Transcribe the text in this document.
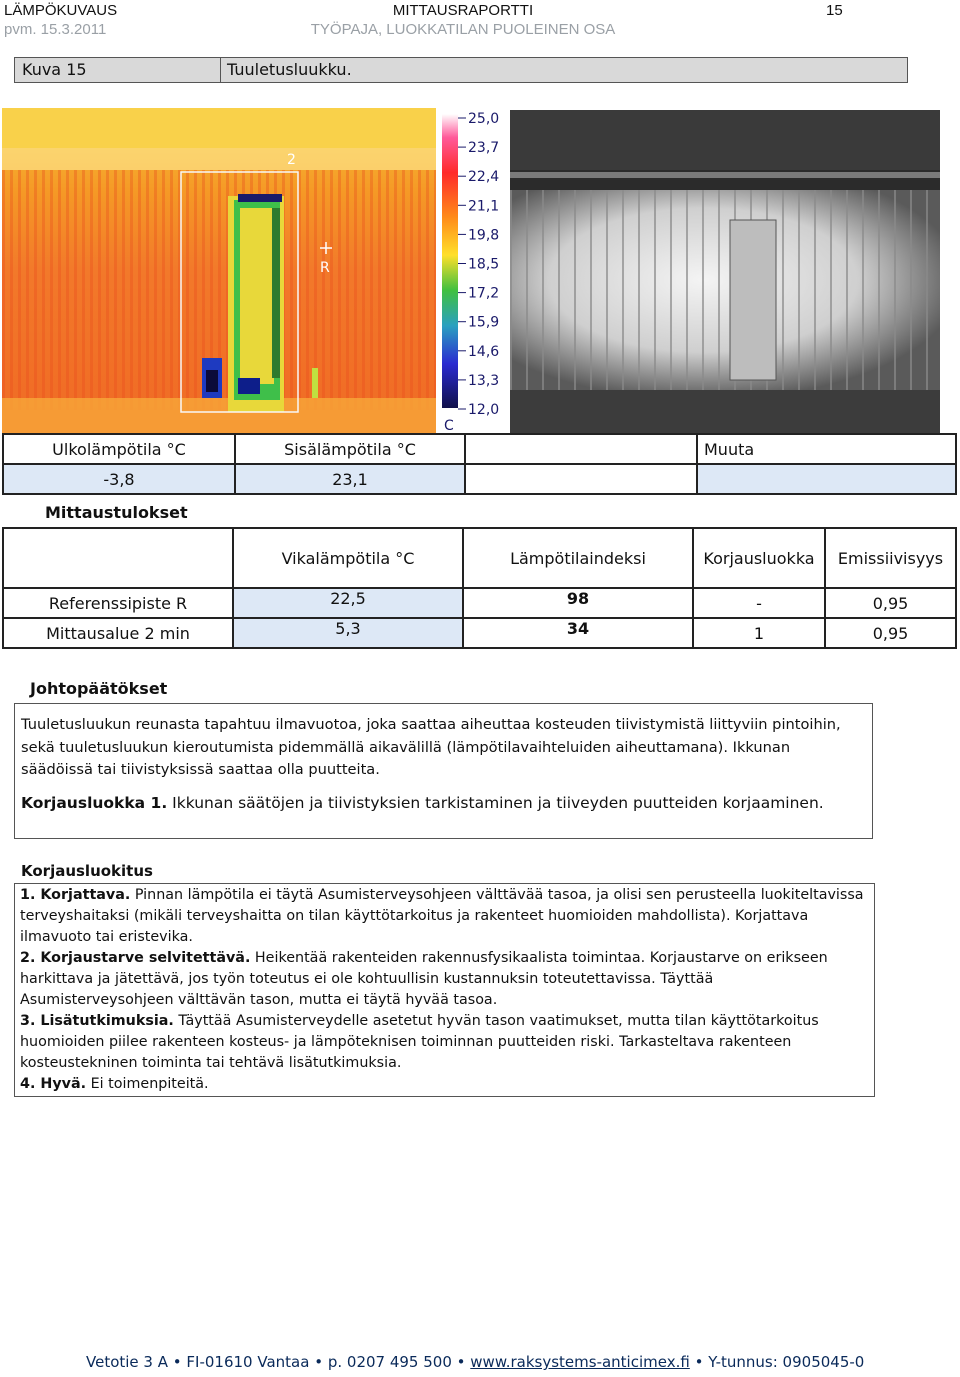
LÄMPÖKUVAUS
pvm. 15.3.2011
MITTAUSRAPORTTI
TYÖPAJA, LUOKKATILAN PUOLEINEN OSA
15
Kuva 15	Tuuletusluukku.
2
R
C
25,0
23,7
22,4
21,1
19,8
18,5
17,2
15,9
14,6
13,3
12,0
Ulkolämpötila °C	Sisälämpötila °C		Muuta
-3,8	23,1		
Mittaustulokset
	Vikalämpötila °C	Lämpötilaindeksi	Korjausluokka	Emissiivisyys
Referenssipiste R	22,5	98	-	0,95
Mittausalue 2 min	5,3	34	1	0,95
Johtopäätökset

Tuuletusluukun reunasta tapahtuu ilmavuotoa, joka saattaa aiheuttaa kosteuden tiivistymistä liittyviin pintoihin, sekä tuuletusluukun kieroutumista pidemmällä aikavälillä (lämpötilavaihteluiden aiheuttamana). Ikkunan säädöissä tai tiivistyksissä saattaa olla puutteita.

Korjausluokka 1. Ikkunan säätöjen ja tiivistyksien tarkistaminen ja tiiveyden puutteiden korjaaminen.

Korjausluokitus

1. Korjattava. Pinnan lämpötila ei täytä Asumisterveysohjeen välttävää tasoa, ja olisi sen perusteella luokiteltavissa terveyshaitaksi (mikäli terveyshaitta on tilan käyttötarkoitus ja rakenteet huomioiden mahdollista). Korjattava ilmavuoto tai eristevika.

2. Korjaustarve selvitettävä. Heikentää rakenteiden rakennusfysikaalista toimintaa. Korjaustarve on erikseen harkittava ja jätettävä, jos työn toteutus ei ole kohtuullisin kustannuksin toteutettavissa. Täyttää Asumisterveysohjeen välttävän tason, mutta ei täytä hyvää tasoa.

3. Lisätutkimuksia. Täyttää Asumisterveydelle asetetut hyvän tason vaatimukset, mutta tilan käyttötarkoitus huomioiden piilee rakenteen kosteus- ja lämpöteknisen toiminnan puutteiden riski. Tarkasteltava rakenteen kosteustekninen toiminta tai tehtävä lisätutkimuksia.

4. Hyvä. Ei toimenpiteitä.

Vetotie 3 A • FI-01610 Vantaa • p. 0207 495 500 • www.raksystems-anticimex.fi • Y-tunnus: 0905045-0
